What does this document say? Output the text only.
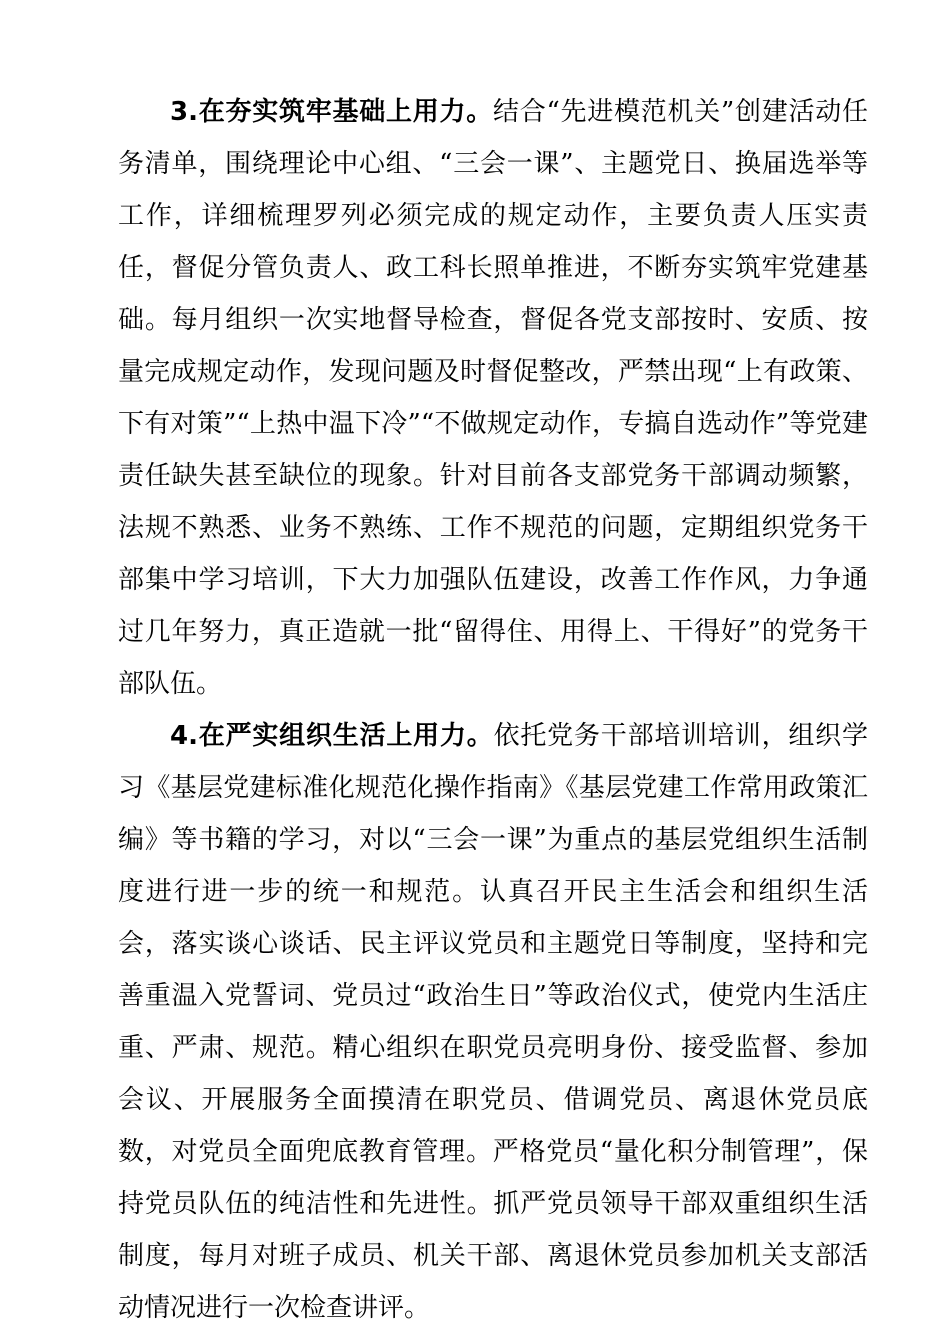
3.在夯实筑牢基础上用力。结合“先进模范机关”创建活动任务清单，围绕理论中心组、“三会一课”、主题党日、换届选举等工作，详细梳理罗列必须完成的规定动作，主要负责人压实责任，督促分管负责人、政工科长照单推进，不断夯实筑牢党建基础。每月组织一次实地督导检查，督促各党支部按时、安质、按量完成规定动作，发现问题及时督促整改，严禁出现“上有政策、下有对策”“上热中温下冷”“不做规定动作，专搞自选动作”等党建责任缺失甚至缺位的现象。针对目前各支部党务干部调动频繁，法规不熟悉、业务不熟练、工作不规范的问题，定期组织党务干部集中学习培训，下大力加强队伍建设，改善工作作风，力争通过几年努力，真正造就一批“留得住、用得上、干得好”的党务干部队伍。

4.在严实组织生活上用力。依托党务干部培训培训，组织学习《基层党建标准化规范化操作指南》《基层党建工作常用政策汇编》等书籍的学习，对以“三会一课”为重点的基层党组织生活制度进行进一步的统一和规范。认真召开民主生活会和组织生活会，落实谈心谈话、民主评议党员和主题党日等制度，坚持和完善重温入党誓词、党员过“政治生日”等政治仪式，使党内生活庄重、严肃、规范。精心组织在职党员亮明身份、接受监督、参加会议、开展服务全面摸清在职党员、借调党员、离退休党员底数，对党员全面兜底教育管理。严格党员“量化积分制管理”，保持党员队伍的纯洁性和先进性。抓严党员领导干部双重组织生活制度，每月对班子成员、机关干部、离退休党员参加机关支部活动情况进行一次检查讲评。
